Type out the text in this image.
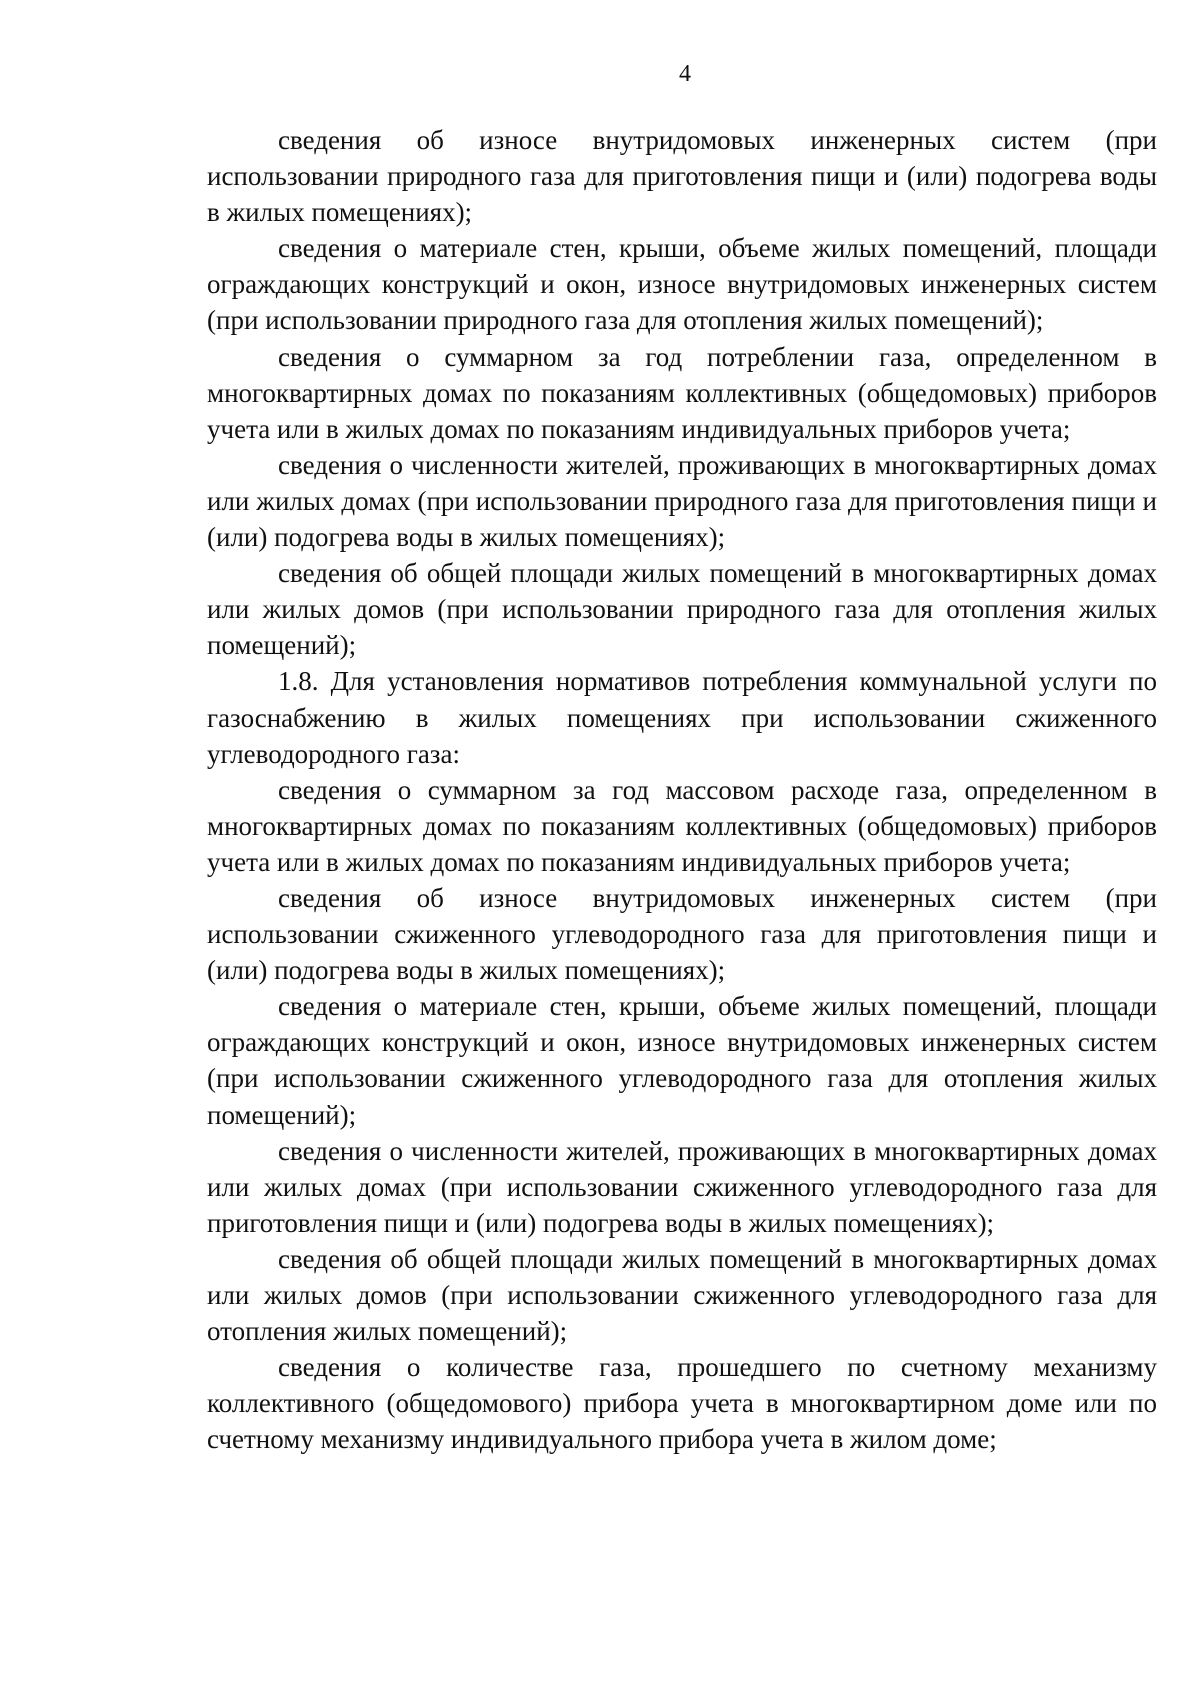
4

сведения об износе внутридомовых инженерных систем (при использовании природного газа для приготовления пищи и (или) подогрева воды в жилых помещениях);

сведения о материале стен, крыши, объеме жилых помещений, площади ограждающих конструкций и окон, износе внутридомовых инженерных систем (при использовании природного газа для отопления жилых помещений);

сведения о суммарном за год потреблении газа, определенном в многоквартирных домах по показаниям коллективных (общедомовых) приборов учета или в жилых домах по показаниям индивидуальных приборов учета;

сведения о численности жителей, проживающих в многоквартирных домах или жилых домах (при использовании природного газа для приготовления пищи и (или) подогрева воды в жилых помещениях);

сведения об общей площади жилых помещений в многоквартирных домах или жилых домов (при использовании природного газа для отопления жилых помещений);

1.8. Для установления нормативов потребления коммунальной услуги по газоснабжению в жилых помещениях при использовании сжиженного углеводородного газа:

сведения о суммарном за год массовом расходе газа, определенном в многоквартирных домах по показаниям коллективных (общедомовых) приборов учета или в жилых домах по показаниям индивидуальных приборов учета;

сведения об износе внутридомовых инженерных систем (при использовании сжиженного углеводородного газа для приготовления пищи и (или) подогрева воды в жилых помещениях);

сведения о материале стен, крыши, объеме жилых помещений, площади ограждающих конструкций и окон, износе внутридомовых инженерных систем (при использовании сжиженного углеводородного газа для отопления жилых помещений);

сведения о численности жителей, проживающих в многоквартирных домах или жилых домах (при использовании сжиженного углеводородного газа для приготовления пищи и (или) подогрева воды в жилых помещениях);

сведения об общей площади жилых помещений в многоквартирных домах или жилых домов (при использовании сжиженного углеводородного газа для отопления жилых помещений);

сведения о количестве газа, прошедшего по счетному механизму коллективного (общедомового) прибора учета в многоквартирном доме или по счетному механизму индивидуального прибора учета в жилом доме;
